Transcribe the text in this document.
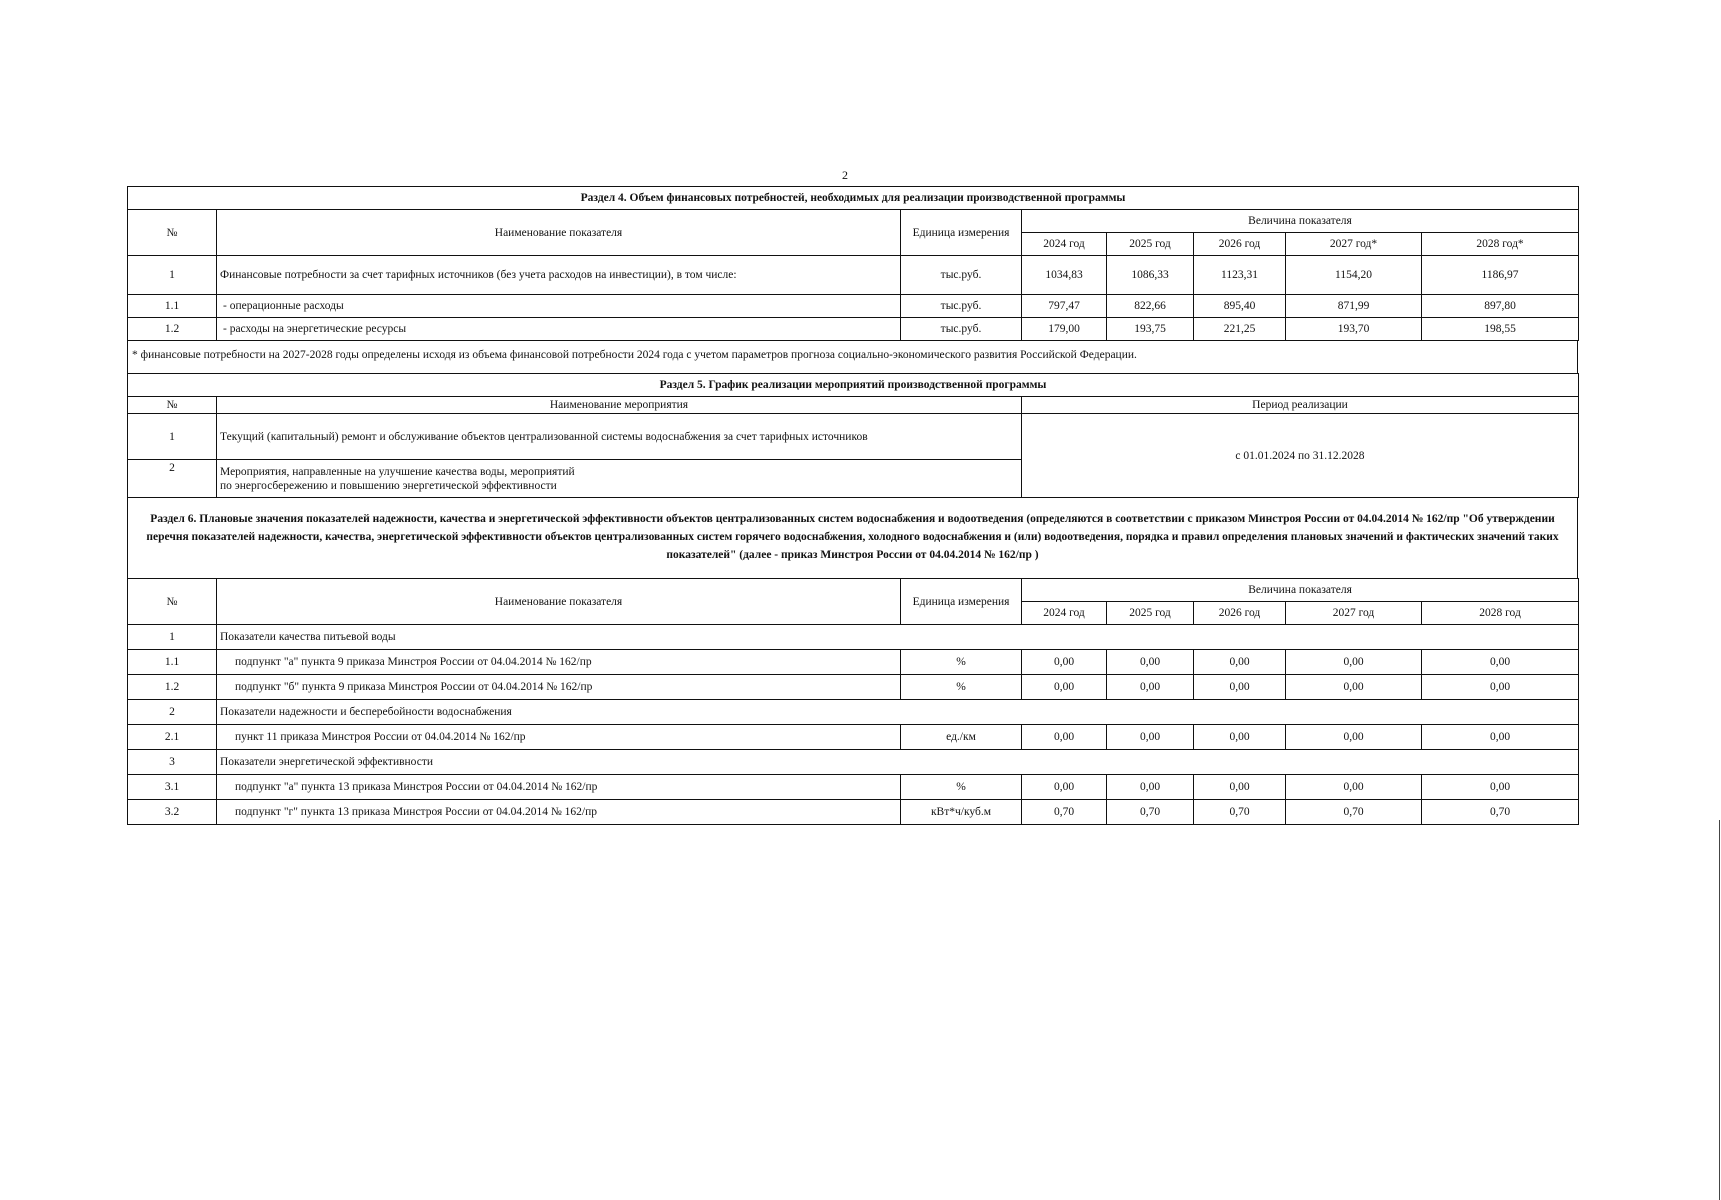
2
Раздел 4. Объем финансовых потребностей, необходимых для реализации производственной программы							
№	Наименование показателя	Единица измерения	Величина показателя				
			2024 год	2025 год	2026 год	2027 год*	2028 год*
1	Финансовые потребности за счет тарифных источников (без учета расходов на инвестиции), в том числе:	тыс.руб.	1034,83	1086,33	1123,31	1154,20	1186,97
1.1	- операционные расходы	тыс.руб.	797,47	822,66	895,40	871,99	897,80
1.2	- расходы на энергетические ресурсы	тыс.руб.	179,00	193,75	221,25	193,70	198,55
* финансовые потребности на 2027-2028 годы определены исходя из объема финансовой потребности 2024 года с учетом параметров прогноза социально-экономического развития Российской Федерации.
Раздел 5. График реализации мероприятий производственной программы		
№	Наименование мероприятия	Период реализации
1	Текущий (капитальный) ремонт и обслуживание объектов централизованной системы водоснабжения за счет тарифных источников	с 01.01.2024 по 31.12.2028
2	Мероприятия, направленные на улучшение качества воды, мероприятий
по энергосбережению и повышению энергетической эффективности	
Раздел 6. Плановые значения показателей надежности, качества и энергетической эффективности объектов централизованных систем водоснабжения и водоотведения (определяются в соответствии с приказом Минстроя России от 04.04.2014 № 162/пр "Об утверждении перечня показателей надежности, качества, энергетической эффективности объектов централизованных систем горячего водоснабжения, холодного водоснабжения и (или) водоотведения, порядка и правил определения плановых значений и фактических значений таких показателей" (далее - приказ Минстроя России от 04.04.2014 № 162/пр )
№	Наименование показателя	Единица измерения	Величина показателя				
			2024 год	2025 год	2026 год	2027 год	2028 год
1	Показатели качества питьевой воды						
1.1	подпункт "а" пункта 9 приказа Минстроя России от 04.04.2014 № 162/пр	%	0,00	0,00	0,00	0,00	0,00
1.2	подпункт "б" пункта 9 приказа Минстроя России от 04.04.2014 № 162/пр	%	0,00	0,00	0,00	0,00	0,00
2	Показатели надежности и бесперебойности водоснабжения						
2.1	пункт 11 приказа Минстроя России от 04.04.2014 № 162/пр	ед./км	0,00	0,00	0,00	0,00	0,00
3	Показатели энергетической эффективности						
3.1	подпункт "а" пункта 13 приказа Минстроя России от 04.04.2014 № 162/пр	%	0,00	0,00	0,00	0,00	0,00
3.2	подпункт "г" пункта 13 приказа Минстроя России от 04.04.2014 № 162/пр	кВт*ч/куб.м	0,70	0,70	0,70	0,70	0,70
